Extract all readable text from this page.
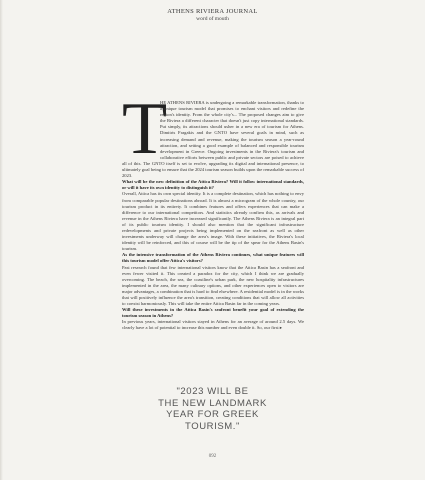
ATHENS RIVIERA JOURNAL
word of mouth
T
HE ATHENS RIVIERA is undergoing a remarkable transformation, thanks to a unique tourism model that promises to enchant visitors and redefine the region's identity. From the whole city's... The proposed changes aim to give the Riviera a different character that doesn't just copy international standards. Put simply, its attractions should usher in a new era of tourism for Athens. Dimitris Fragakis and the GNTO have several goals in mind, such as increasing demand and revenue, making the tourism season a year-round attraction, and setting a good example of balanced and responsible tourism development in Greece. Ongoing investments in the Riviera's tourism and collaborative efforts between public and private sectors are poised to achieve all of this. The GNTO itself is set to evolve, upgrading its digital and international presence, to ultimately goal being to ensure that the 2024 tourism season builds upon the remarkable success of 2023.

What will be the new definition of the Attica Riviera? Will it follow international standards, or will it have its own identity to distinguish it?

Overall, Attica has its own special identity. It is a complete destination, which has nothing to envy from comparable popular destinations abroad. It is almost a microgram of the whole country, our tourism product in its entirety. It combines features and offers experiences that can make a difference to our international competitors. And statistics already confirm this, as arrivals and revenue in the Athens Riviera have increased significantly. The Athens Riviera is an integral part of its public tourism identity. I should also mention that the significant infrastructure redevelopments and private projects being implemented on the seafront as well as other investments underway will change the area's image. With these initiatives, the Riviera's local identity will be reinforced, and this of course will be the tip of the spear for the Athens Basin's tourism.

As the intensive transformation of the Athens Riviera continues, what unique features will this tourism model offer Attica's visitors?

Past research found that few international visitors know that the Attica Basin has a seafront and even fewer visited it. This created a paradox for the city, which I think we are gradually overcoming. The beach, the sea, the coastline's urban park, the new hospitality infrastructures implemented in the area, the many culinary options, and other experiences open to visitors are major advantages, a combination that is hard to find elsewhere. A residential model is in the works that will positively influence the area's transition, creating conditions that will allow all activities to coexist harmoniously. This will take the entire Attica Basin far in the coming years.

Will these investments in the Attica Basin's seafront benefit your goal of extending the tourism season in Athens?

In previous years, international visitors stayed in Athens for an average of around 2.5 days. We clearly have a lot of potential to increase this number and even double it. So, our first ▸

"2023 WILL BE
THE NEW LANDMARK
YEAR FOR GREEK
TOURISM."
092
